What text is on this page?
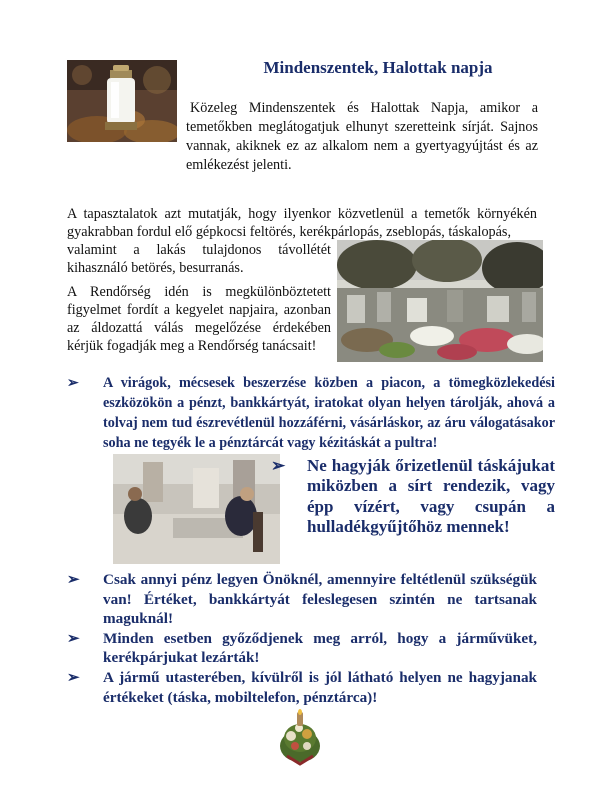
Mindenszentek, Halottak napja
Közeleg Mindenszentek és Halottak Napja, amikor a temetőkben meglátogatjuk elhunyt szeretteink sírját. Sajnos vannak, akiknek ez az alkalom nem a gyertyagyújtást és az emlékezést jelenti.
A tapasztalatok azt mutatják, hogy ilyenkor közvetlenül a temetők környékén gyakrabban fordul elő gépkocsi feltörés, kerékpárlopás, zseblopás, táskalopás,
valamint a lakás tulajdonos távollétét kihasználó betörés, besurranás.
A Rendőrség idén is megkülönböztetett figyelmet fordít a kegyelet napjaira, azonban az áldozattá válás megelőzése érdekében kérjük fogadják meg a Rendőrség tanácsait!
➢ A virágok, mécsesek beszerzése közben a piacon, a tömegközlekedési eszközökön a pénzt, bankkártyát, iratokat olyan helyen tárolják, ahová a tolvaj nem tud észrevétlenül hozzáférni, vásárláskor, az áru válogatásakor soha ne tegyék le a pénztárcát vagy kézitáskát a pultra!
➢ Ne hagyják őrizetlenül táskájukat miközben a sírt rendezik, vagy épp vízért, vagy csupán a hulladékgyűjtőhöz mennek!
➢ Csak annyi pénz legyen Önöknél, amennyire feltétlenül szükségük van! Értéket, bankkártyát feleslegesen szintén ne tartsanak maguknál!
➢ Minden esetben győződjenek meg arról, hogy a járművüket, kerékpárjukat lezárták!
➢ A jármű utasterében, kívülről is jól látható helyen ne hagyjanak értékeket (táska, mobiltelefon, pénztárca)!
